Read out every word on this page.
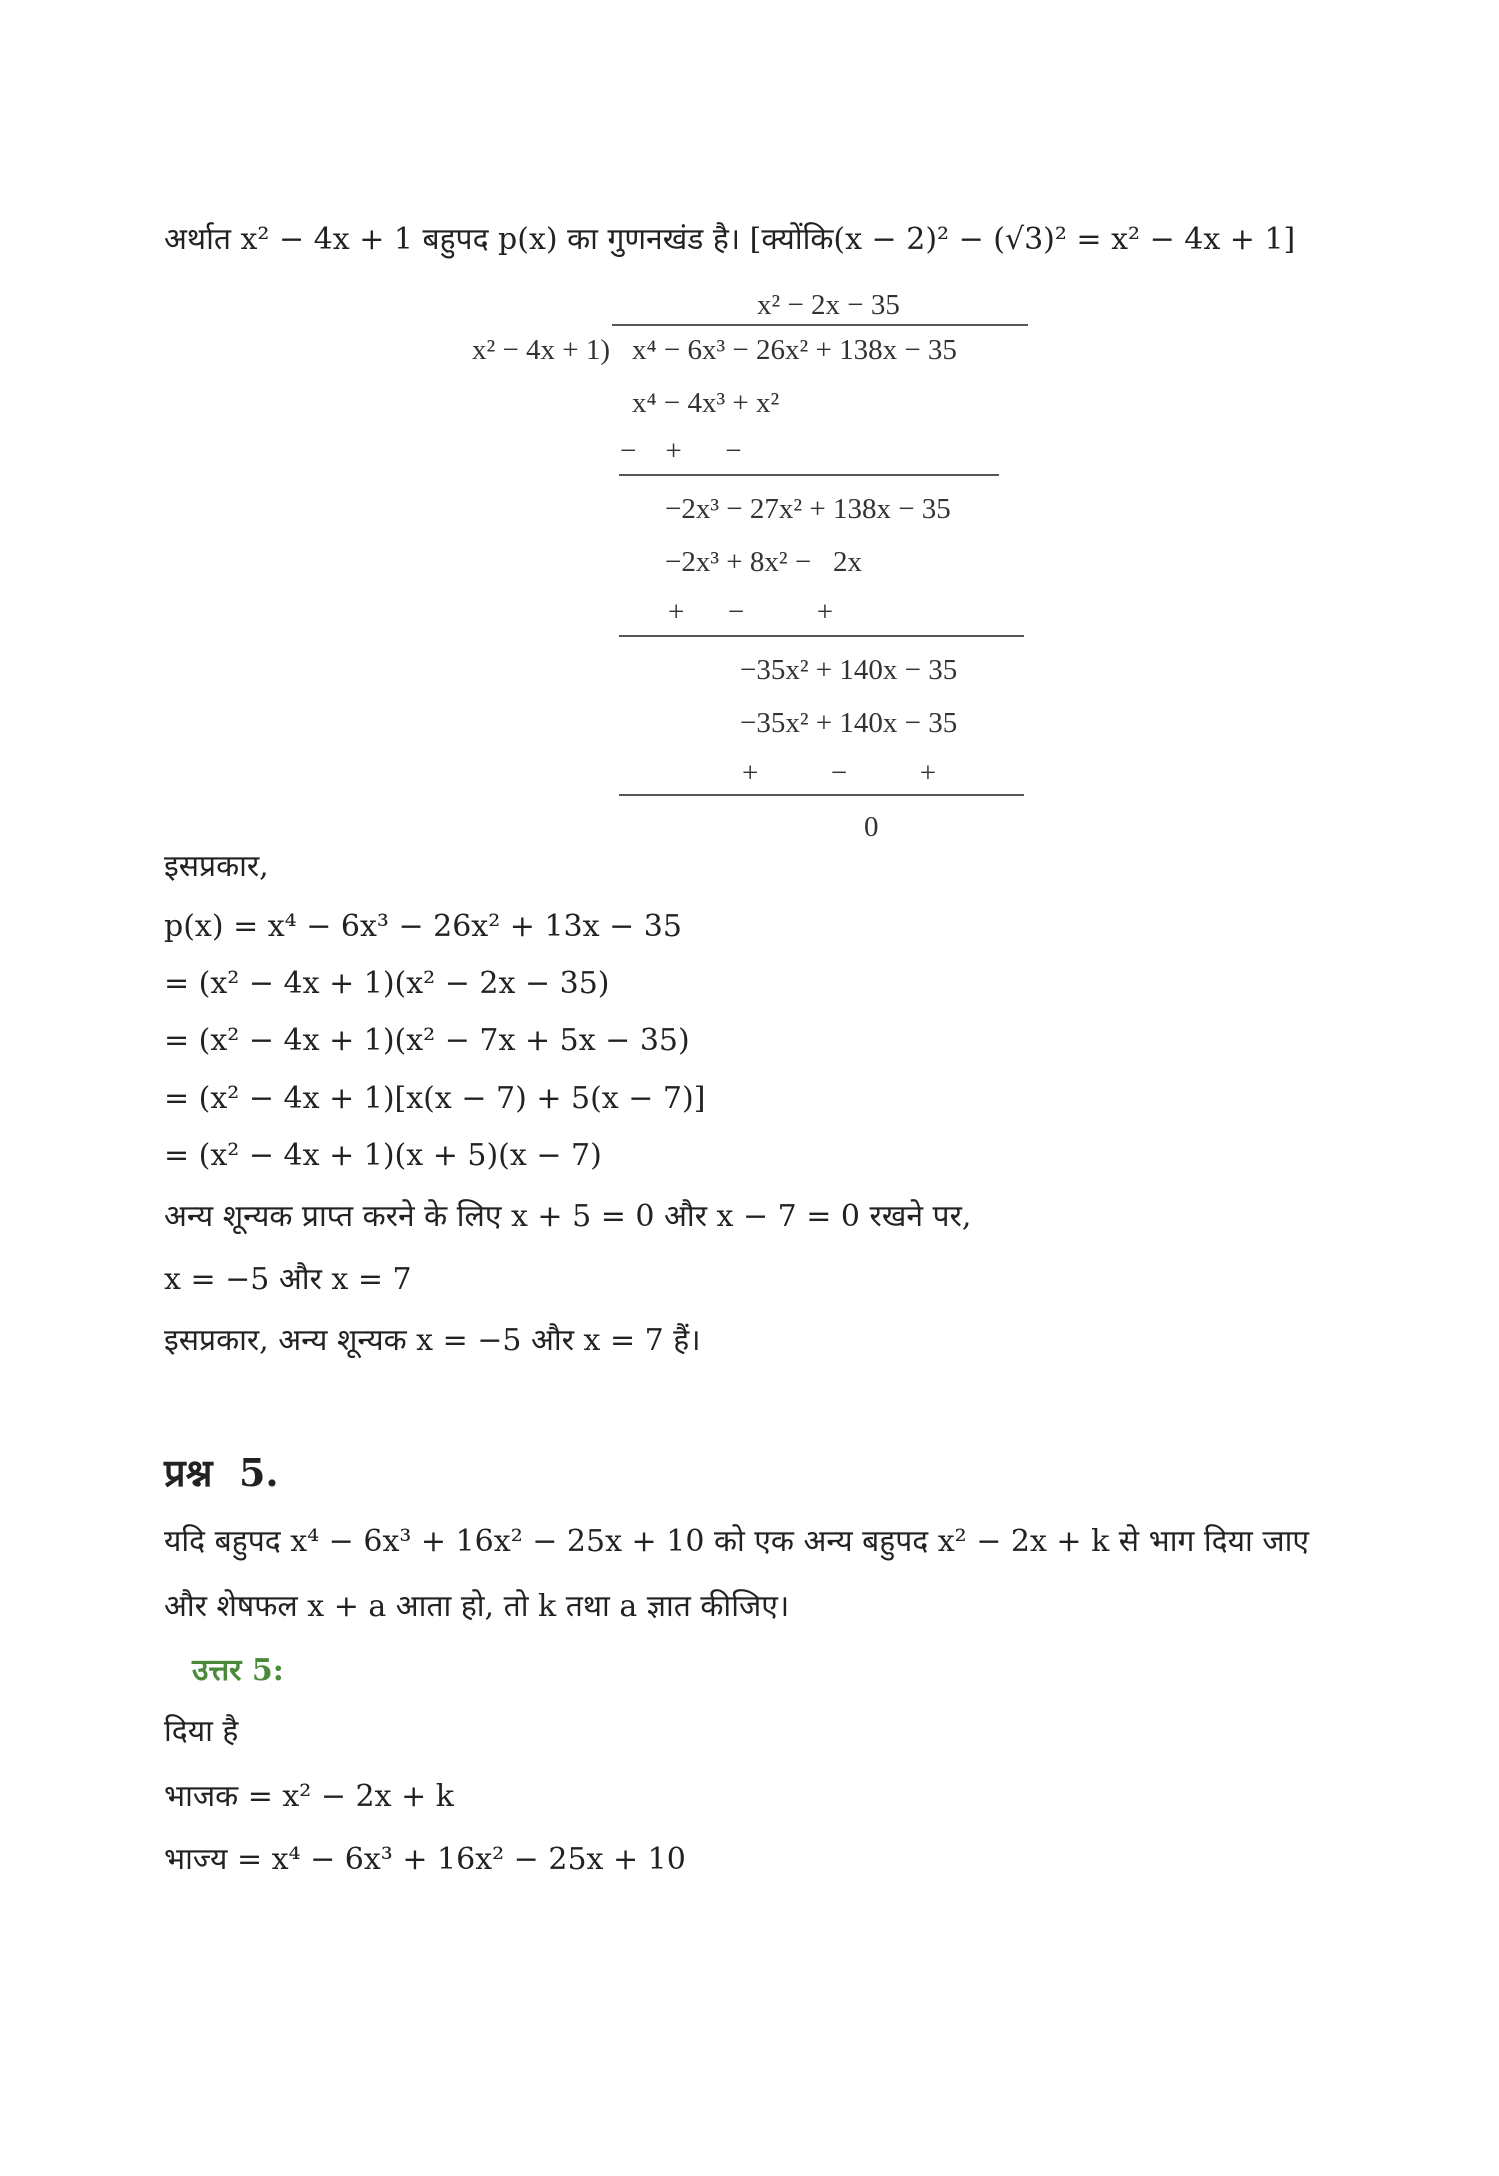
अर्थात x² − 4x + 1 बहुपद p(x) का गुणनखंड है। [क्योंकि(x − 2)² − (√3)² = x² − 4x + 1]
x² − 2x − 35
x² − 4x + 1) x⁴ − 6x³ − 26x² + 138x − 35
x⁴ − 4x³ + x²
−    +      −
−2x³ − 27x² + 138x − 35
−2x³ + 8x² −   2x
+      −          +
−35x² + 140x − 35
−35x² + 140x − 35
+          −          +
0
इसप्रकार,
p(x) = x⁴ − 6x³ − 26x² + 13x − 35
= (x² − 4x + 1)(x² − 2x − 35)
= (x² − 4x + 1)(x² − 7x + 5x − 35)
= (x² − 4x + 1)[x(x − 7) + 5(x − 7)]
= (x² − 4x + 1)(x + 5)(x − 7)
अन्य शून्यक प्राप्त करने के लिए x + 5 = 0 और x − 7 = 0 रखने पर,
x = −5 और x = 7
इसप्रकार, अन्य शून्यक x = −5 और x = 7 हैं।
प्रश्न  5.
यदि बहुपद x⁴ − 6x³ + 16x² − 25x + 10 को एक अन्य बहुपद x² − 2x + k से भाग दिया जाए
और शेषफल x + a आता हो, तो k तथा a ज्ञात कीजिए।
उत्तर 5:
दिया है
भाजक = x² − 2x + k
भाज्य = x⁴ − 6x³ + 16x² − 25x + 10
